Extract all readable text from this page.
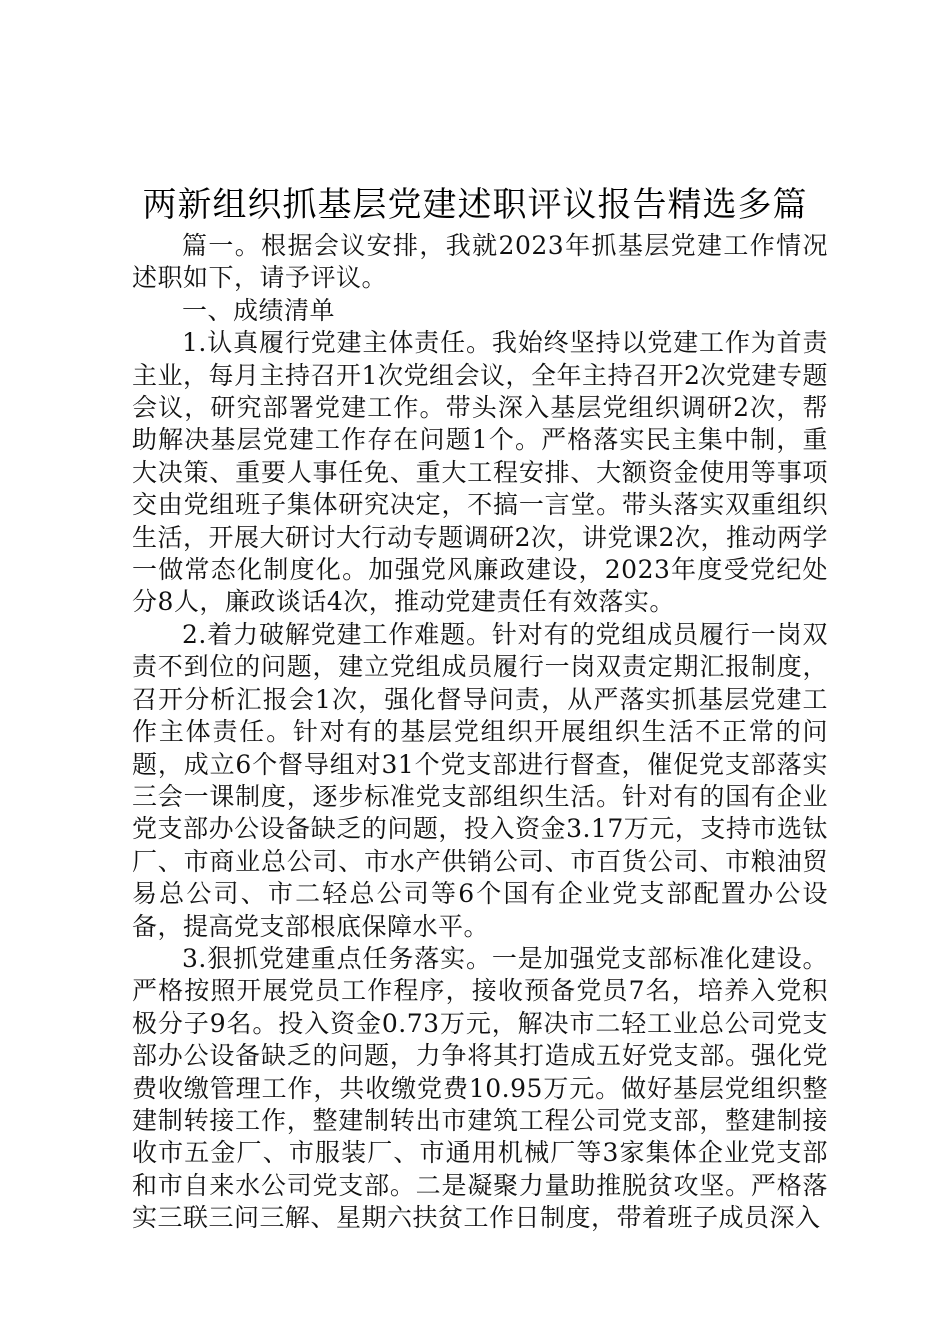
两新组织抓基层党建述职评议报告精选多篇

篇一。根据会议安排，我就2023年抓基层党建工作情况述职如下，请予评议。

一、成绩清单

1.认真履行党建主体责任。我始终坚持以党建工作为首责主业，每月主持召开1次党组会议，全年主持召开2次党建专题会议，研究部署党建工作。带头深入基层党组织调研2次，帮助解决基层党建工作存在问题1个。严格落实民主集中制，重大决策、重要人事任免、重大工程安排、大额资金使用等事项交由党组班子集体研究决定，不搞一言堂。带头落实双重组织生活，开展大研讨大行动专题调研2次，讲党课2次，推动两学一做常态化制度化。加强党风廉政建设，2023年度受党纪处分8人，廉政谈话4次，推动党建责任有效落实。

2.着力破解党建工作难题。针对有的党组成员履行一岗双责不到位的问题，建立党组成员履行一岗双责定期汇报制度，召开分析汇报会1次，强化督导问责，从严落实抓基层党建工作主体责任。针对有的基层党组织开展组织生活不正常的问题，成立6个督导组对31个党支部进行督查，催促党支部落实三会一课制度，逐步标准党支部组织生活。针对有的国有企业党支部办公设备缺乏的问题，投入资金3.17万元，支持市选钛厂、市商业总公司、市水产供销公司、市百货公司、市粮油贸易总公司、市二轻总公司等6个国有企业党支部配置办公设备，提高党支部根底保障水平。

3.狠抓党建重点任务落实。一是加强党支部标准化建设。严格按照开展党员工作程序，接收预备党员7名，培养入党积极分子9名。投入资金0.73万元，解决市二轻工业总公司党支部办公设备缺乏的问题，力争将其打造成五好党支部。强化党费收缴管理工作，共收缴党费10.95万元。做好基层党组织整建制转接工作，整建制转出市建筑工程公司党支部，整建制接收市五金厂、市服装厂、市通用机械厂等3家集体企业党支部和市自来水公司党支部。二是凝聚力量助推脱贫攻坚。严格落实三联三问三解、星期六扶贫工作日制度，带着班子成员深入
